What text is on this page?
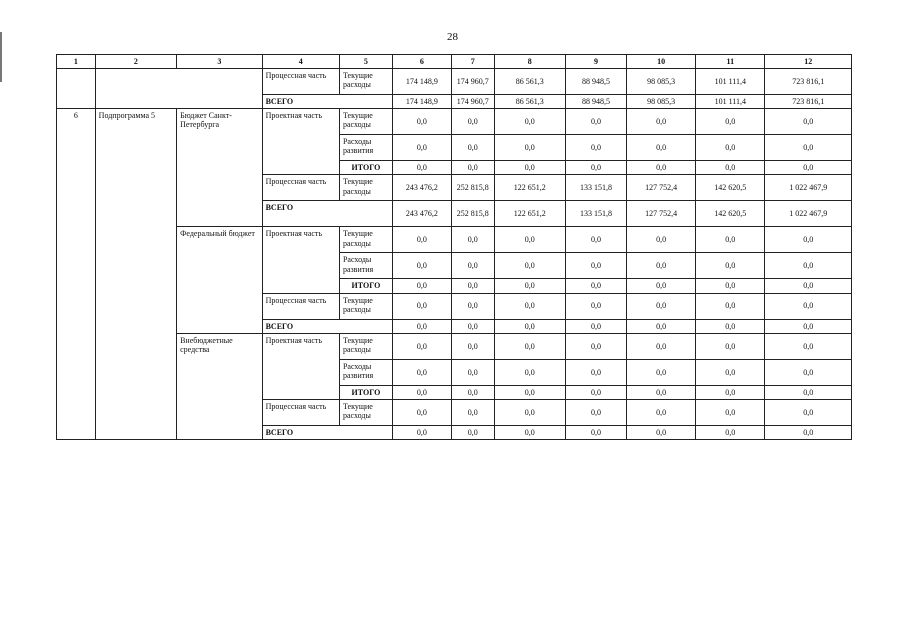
28
1	2	3	4	5	6	7	8	9	10	11	12
			Процессная часть	Текущие расходы	174 148,9	174 960,7	86 561,3	88 948,5	98 085,3	101 111,4	723 816,1
			ВСЕГО		174 148,9	174 960,7	86 561,3	88 948,5	98 085,3	101 111,4	723 816,1
6	Подпрограмма 5	Бюджет Санкт-Петербурга	Проектная часть	Текущие расходы	0,0	0,0	0,0	0,0	0,0	0,0	0,0
				Расходы развития	0,0	0,0	0,0	0,0	0,0	0,0	0,0
				ИТОГО	0,0	0,0	0,0	0,0	0,0	0,0	0,0
			Процессная часть	Текущие расходы	243 476,2	252 815,8	122 651,2	133 151,8	127 752,4	142 620,5	1 022 467,9
			ВСЕГО		243 476,2	252 815,8	122 651,2	133 151,8	127 752,4	142 620,5	1 022 467,9
		Федеральный бюджет	Проектная часть	Текущие расходы	0,0	0,0	0,0	0,0	0,0	0,0	0,0
				Расходы развития	0,0	0,0	0,0	0,0	0,0	0,0	0,0
				ИТОГО	0,0	0,0	0,0	0,0	0,0	0,0	0,0
			Процессная часть	Текущие расходы	0,0	0,0	0,0	0,0	0,0	0,0	0,0
			ВСЕГО		0,0	0,0	0,0	0,0	0,0	0,0	0,0
		Внебюджетные средства	Проектная часть	Текущие расходы	0,0	0,0	0,0	0,0	0,0	0,0	0,0
				Расходы развития	0,0	0,0	0,0	0,0	0,0	0,0	0,0
				ИТОГО	0,0	0,0	0,0	0,0	0,0	0,0	0,0
			Процессная часть	Текущие расходы	0,0	0,0	0,0	0,0	0,0	0,0	0,0
			ВСЕГО		0,0	0,0	0,0	0,0	0,0	0,0	0,0
